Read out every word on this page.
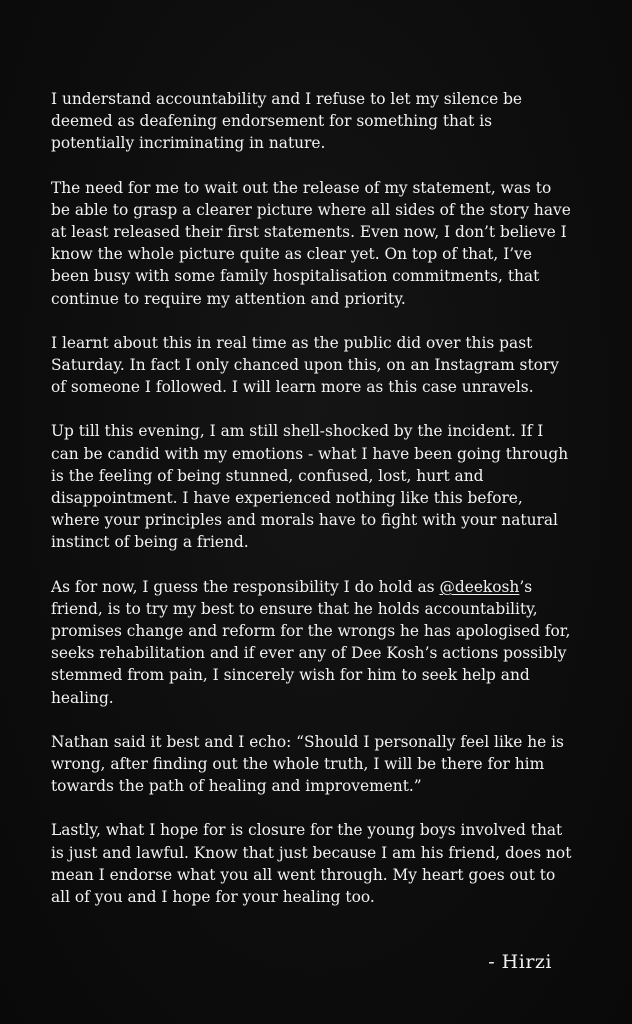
I understand accountability and I refuse to let my silence be
deemed as deafening endorsement for something that is
potentially incriminating in nature.

The need for me to wait out the release of my statement, was to
be able to grasp a clearer picture where all sides of the story have
at least released their first statements. Even now, I don’t believe I
know the whole picture quite as clear yet. On top of that, I’ve
been busy with some family hospitalisation commitments, that
continue to require my attention and priority.

I learnt about this in real time as the public did over this past
Saturday. In fact I only chanced upon this, on an Instagram story
of someone I followed. I will learn more as this case unravels.

Up till this evening, I am still shell-shocked by the incident. If I
can be candid with my emotions - what I have been going through
is the feeling of being stunned, confused, lost, hurt and
disappointment. I have experienced nothing like this before,
where your principles and morals have to fight with your natural
instinct of being a friend.

As for now, I guess the responsibility I do hold as @deekosh’s
friend, is to try my best to ensure that he holds accountability,
promises change and reform for the wrongs he has apologised for,
seeks rehabilitation and if ever any of Dee Kosh’s actions possibly
stemmed from pain, I sincerely wish for him to seek help and
healing.

Nathan said it best and I echo: “Should I personally feel like he is
wrong, after finding out the whole truth, I will be there for him
towards the path of healing and improvement.”

Lastly, what I hope for is closure for the young boys involved that
is just and lawful. Know that just because I am his friend, does not
mean I endorse what you all went through. My heart goes out to
all of you and I hope for your healing too.

- Hirzi
